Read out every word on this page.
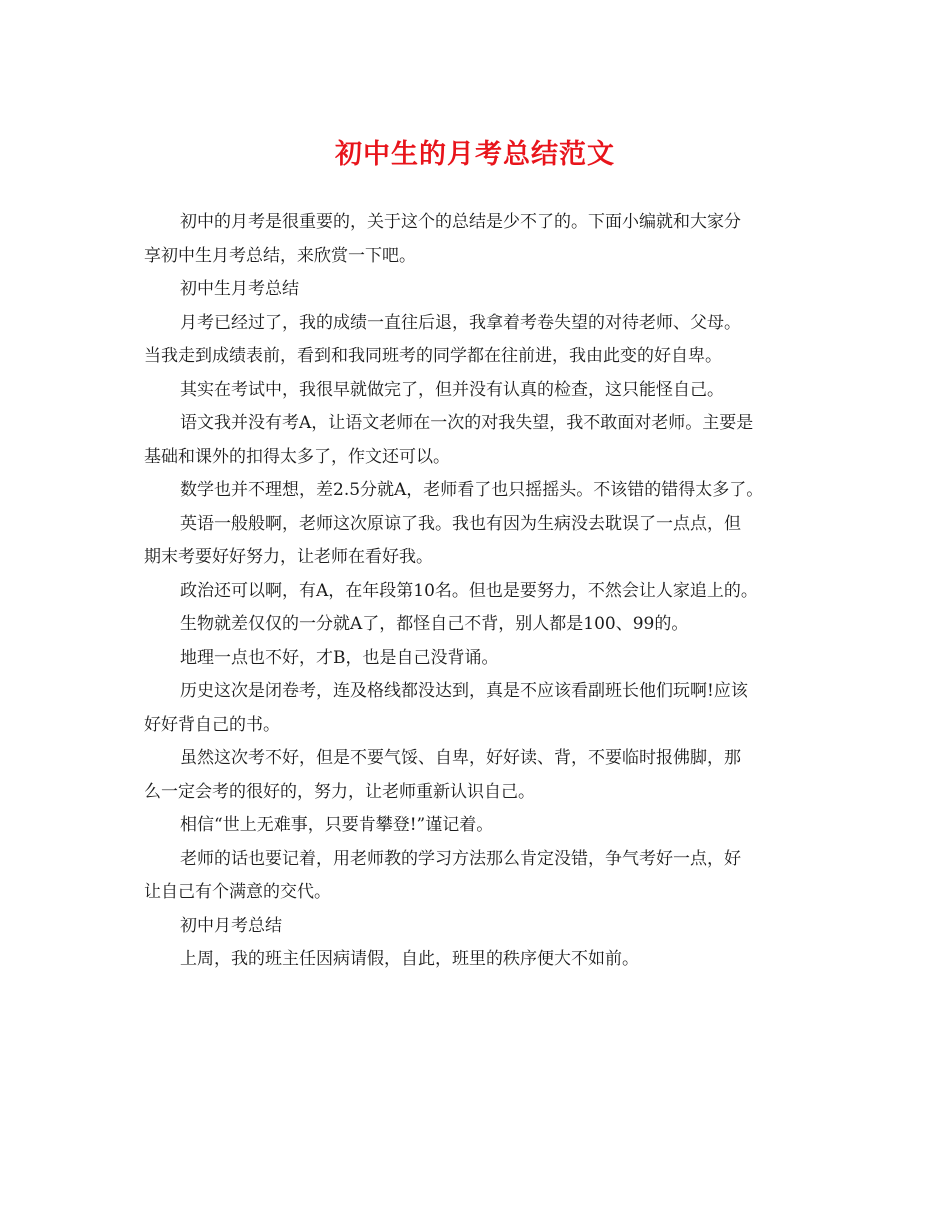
初中生的月考总结范文
初中的月考是很重要的，关于这个的总结是少不了的。下面小编就和大家分
享初中生月考总结，来欣赏一下吧。
初中生月考总结
月考已经过了，我的成绩一直往后退，我拿着考卷失望的对待老师、父母。
当我走到成绩表前，看到和我同班考的同学都在往前进，我由此变的好自卑。
其实在考试中，我很早就做完了，但并没有认真的检查，这只能怪自己。
语文我并没有考A，让语文老师在一次的对我失望，我不敢面对老师。主要是
基础和课外的扣得太多了，作文还可以。
数学也并不理想，差2.5分就A，老师看了也只摇摇头。不该错的错得太多了。
英语一般般啊，老师这次原谅了我。我也有因为生病没去耽误了一点点，但
期末考要好好努力，让老师在看好我。
政治还可以啊，有A，在年段第10名。但也是要努力，不然会让人家追上的。
生物就差仅仅的一分就A了，都怪自己不背，别人都是100、99的。
地理一点也不好，才B，也是自己没背诵。
历史这次是闭卷考，连及格线都没达到，真是不应该看副班长他们玩啊!应该
好好背自己的书。
虽然这次考不好，但是不要气馁、自卑，好好读、背，不要临时报佛脚，那
么一定会考的很好的，努力，让老师重新认识自己。
相信“世上无难事，只要肯攀登!”谨记着。
老师的话也要记着，用老师教的学习方法那么肯定没错，争气考好一点，好
让自己有个满意的交代。
初中月考总结
上周，我的班主任因病请假，自此，班里的秩序便大不如前。
